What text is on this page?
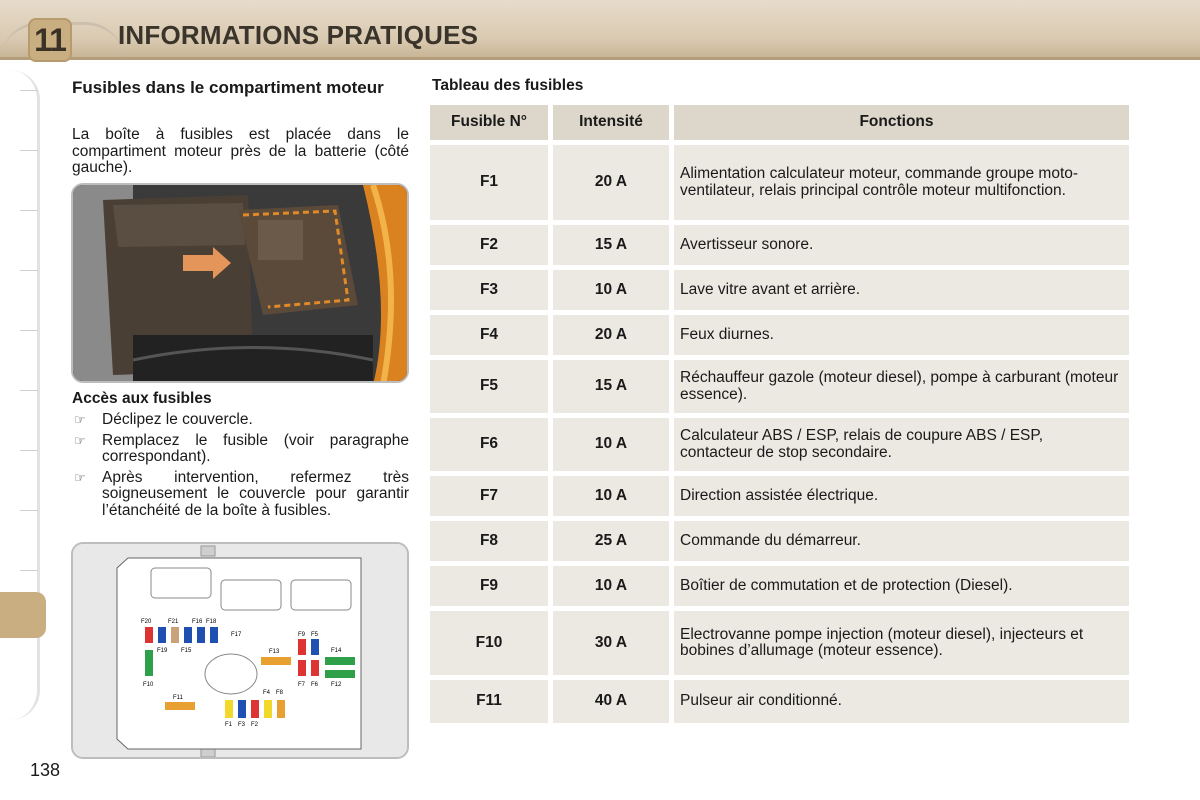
11 INFORMATIONS PRATIQUES
Fusibles dans le compartiment moteur
La boîte à fusibles est placée dans le compartiment moteur près de la batterie (côté gauche).
Accès aux fusibles
☞ Déclipez le couvercle.
☞ Remplacez le fusible (voir paragraphe correspondant).
☞ Après intervention, refermez très soigneusement le couvercle pour garantir l’étanchéité de la boîte à fusibles.
F20	F21 F16 F18
F17
F19 F15
F10
F11
F13
F9 F5
F7 F6
F14
F12
F4 F8
F1 F3 F2
138
Tableau des fusibles
Fusible N°	Intensité	Fonctions
F1	20 A	Alimentation calculateur moteur, commande groupe moto-ventilateur, relais principal contrôle moteur multifonction.
F2	15 A	Avertisseur sonore.
F3	10 A	Lave vitre avant et arrière.
F4	20 A	Feux diurnes.
F5	15 A	Réchauffeur gazole (moteur diesel), pompe à carburant (moteur essence).
F6	10 A	Calculateur ABS / ESP, relais de coupure ABS / ESP, contacteur de stop secondaire.
F7	10 A	Direction assistée électrique.
F8	25 A	Commande du démarreur.
F9	10 A	Boîtier de commutation et de protection (Diesel).
F10	30 A	Electrovanne pompe injection (moteur diesel), injecteurs et bobines d’allumage (moteur essence).
F11	40 A	Pulseur air conditionné.
